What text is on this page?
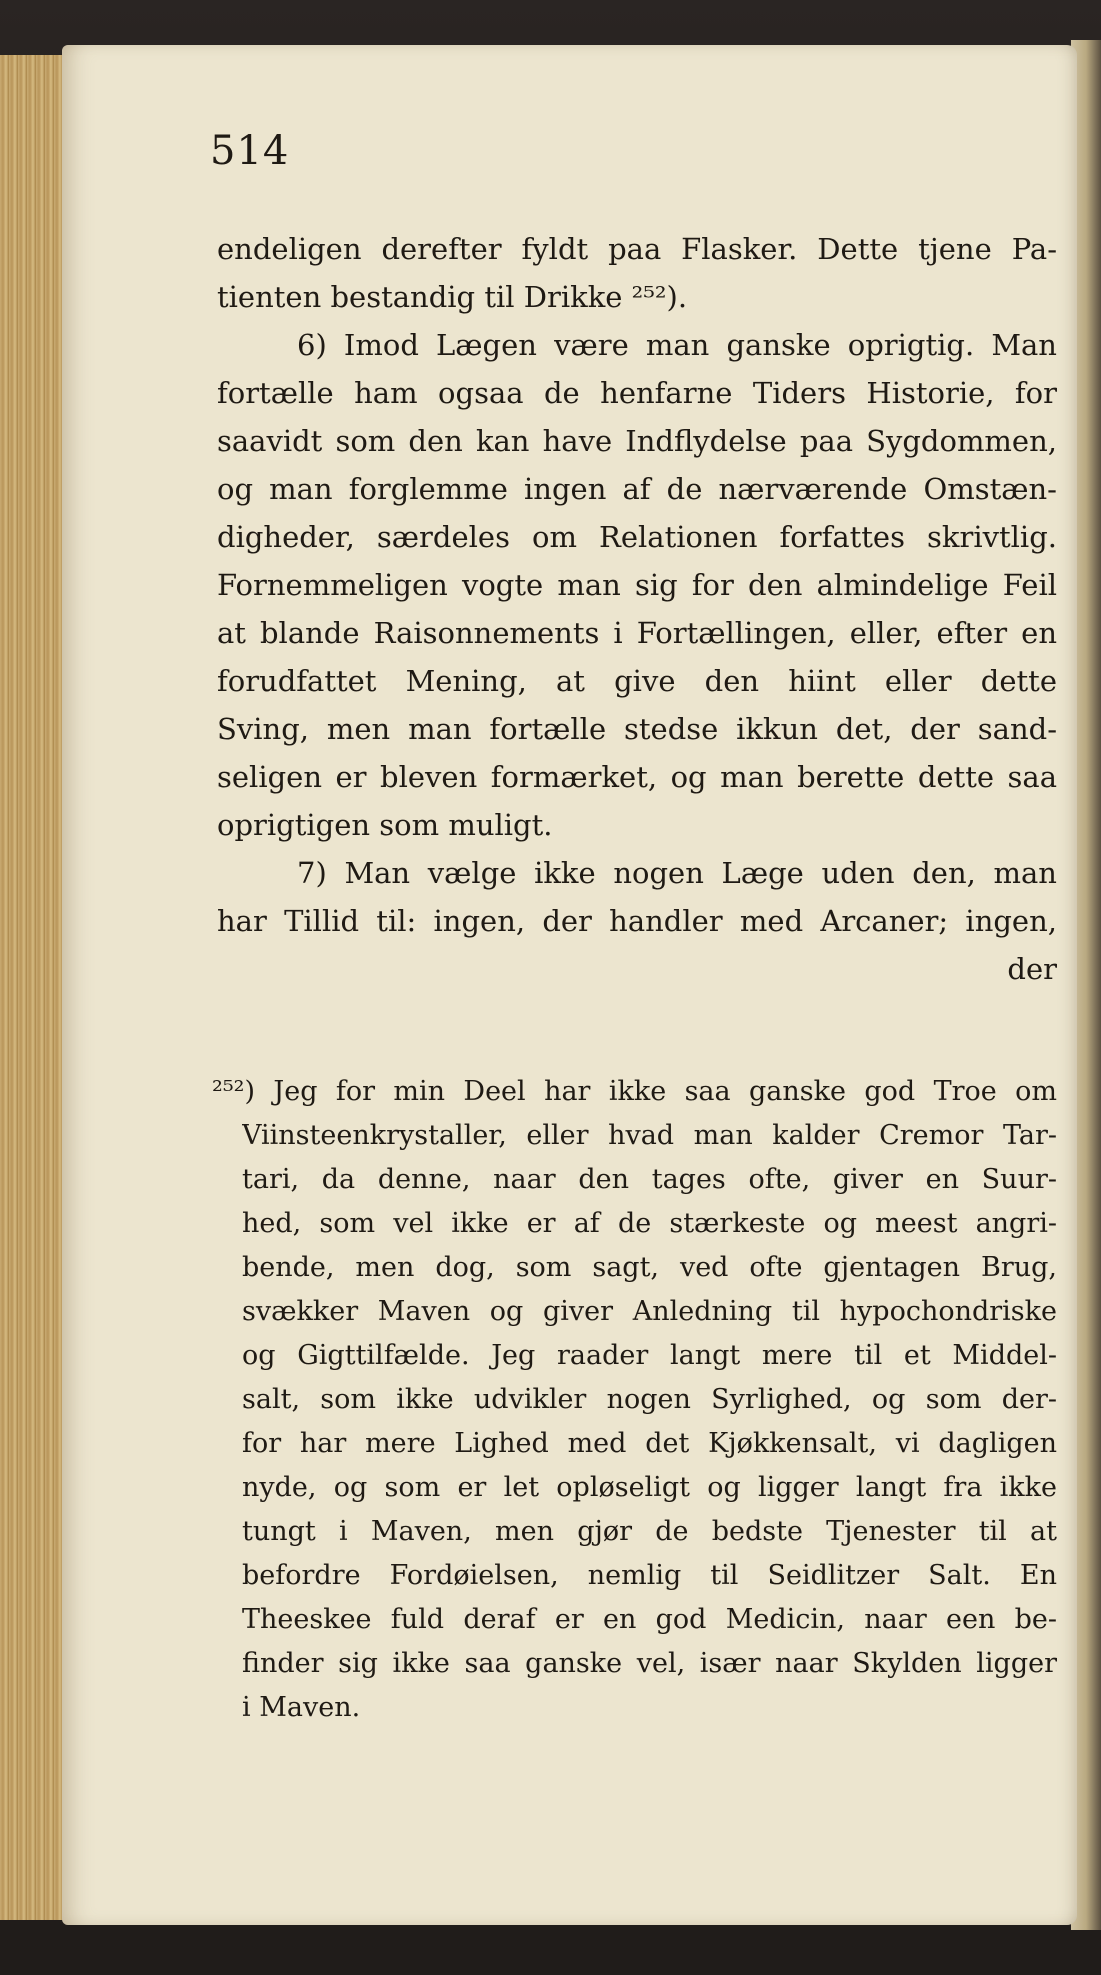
514
endeligen derefter fyldt paa Flasker. Dette tjene Pa-
tienten bestandig til Drikke ²⁵²).
6) Imod Lægen være man ganske oprigtig. Man
fortælle ham ogsaa de henfarne Tiders Historie, for
saavidt som den kan have Indflydelse paa Sygdommen,
og man forglemme ingen af de nærværende Omstæn-
digheder, særdeles om Relationen forfattes skrivtlig.
Fornemmeligen vogte man sig for den almindelige Feil
at blande Raisonnements i Fortællingen, eller, efter en
forudfattet Mening, at give den hiint eller dette
Sving, men man fortælle stedse ikkun det, der sand-
seligen er bleven formærket, og man berette dette saa
oprigtigen som muligt.
7) Man vælge ikke nogen Læge uden den, man
har Tillid til: ingen, der handler med Arcaner; ingen,
der
²⁵²) Jeg for min Deel har ikke saa ganske god Troe om
Viinsteenkrystaller, eller hvad man kalder Cremor Tar-
tari, da denne, naar den tages ofte, giver en Suur-
hed, som vel ikke er af de stærkeste og meest angri-
bende, men dog, som sagt, ved ofte gjentagen Brug,
svækker Maven og giver Anledning til hypochondriske
og Gigttilfælde. Jeg raader langt mere til et Middel-
salt, som ikke udvikler nogen Syrlighed, og som der-
for har mere Lighed med det Kjøkkensalt, vi dagligen
nyde, og som er let opløseligt og ligger langt fra ikke
tungt i Maven, men gjør de bedste Tjenester til at
befordre Fordøielsen, nemlig til Seidlitzer Salt. En
Theeskee fuld deraf er en god Medicin, naar een be-
finder sig ikke saa ganske vel, især naar Skylden ligger
i Maven.
